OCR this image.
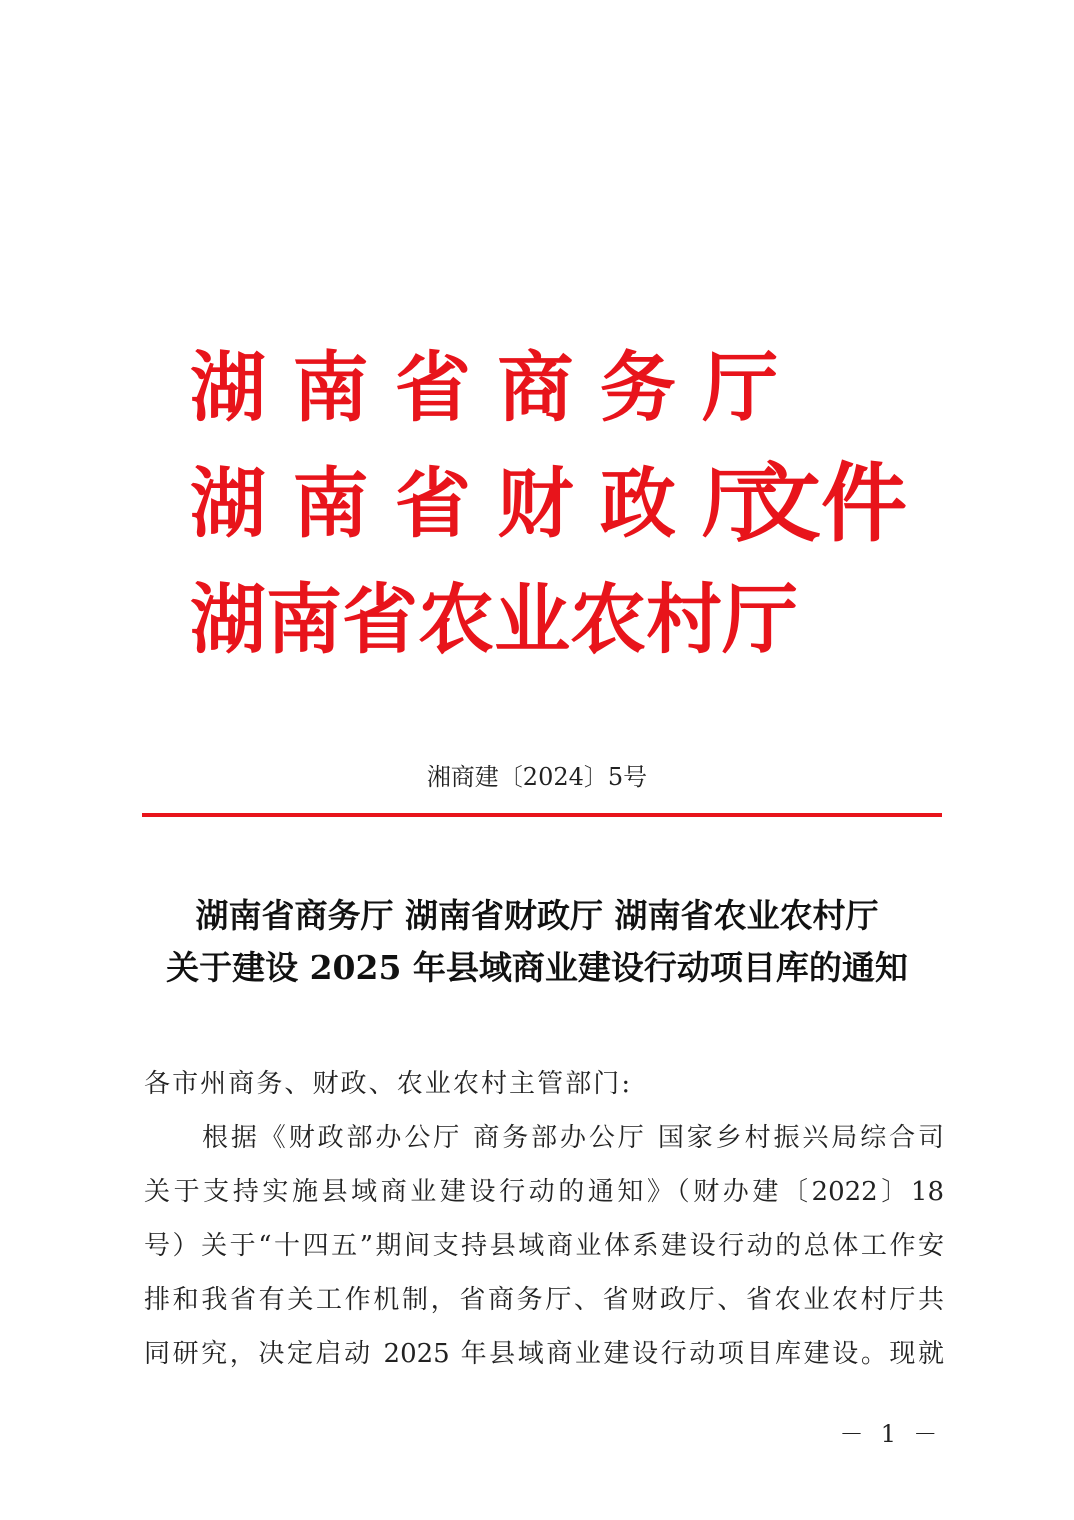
湖 南 省 商 务 厅
湖 南 省 财 政 厅
湖南省农业农村厅
文件
湘商建〔2024〕5号
湖南省商务厅 湖南省财政厅 湖南省农业农村厅
关于建设 2025 年县域商业建设行动项目库的通知
各市州商务、财政、农业农村主管部门:
根据《财政部办公厅 商务部办公厅 国家乡村振兴局综合司
关于支持实施县域商业建设行动的通知》（财办建〔2022〕18
号）关于“十四五”期间支持县域商业体系建设行动的总体工作安
排和我省有关工作机制，省商务厅、省财政厅、省农业农村厅共
同研究，决定启动 2025 年县域商业建设行动项目库建设。现就
－ 1 －
